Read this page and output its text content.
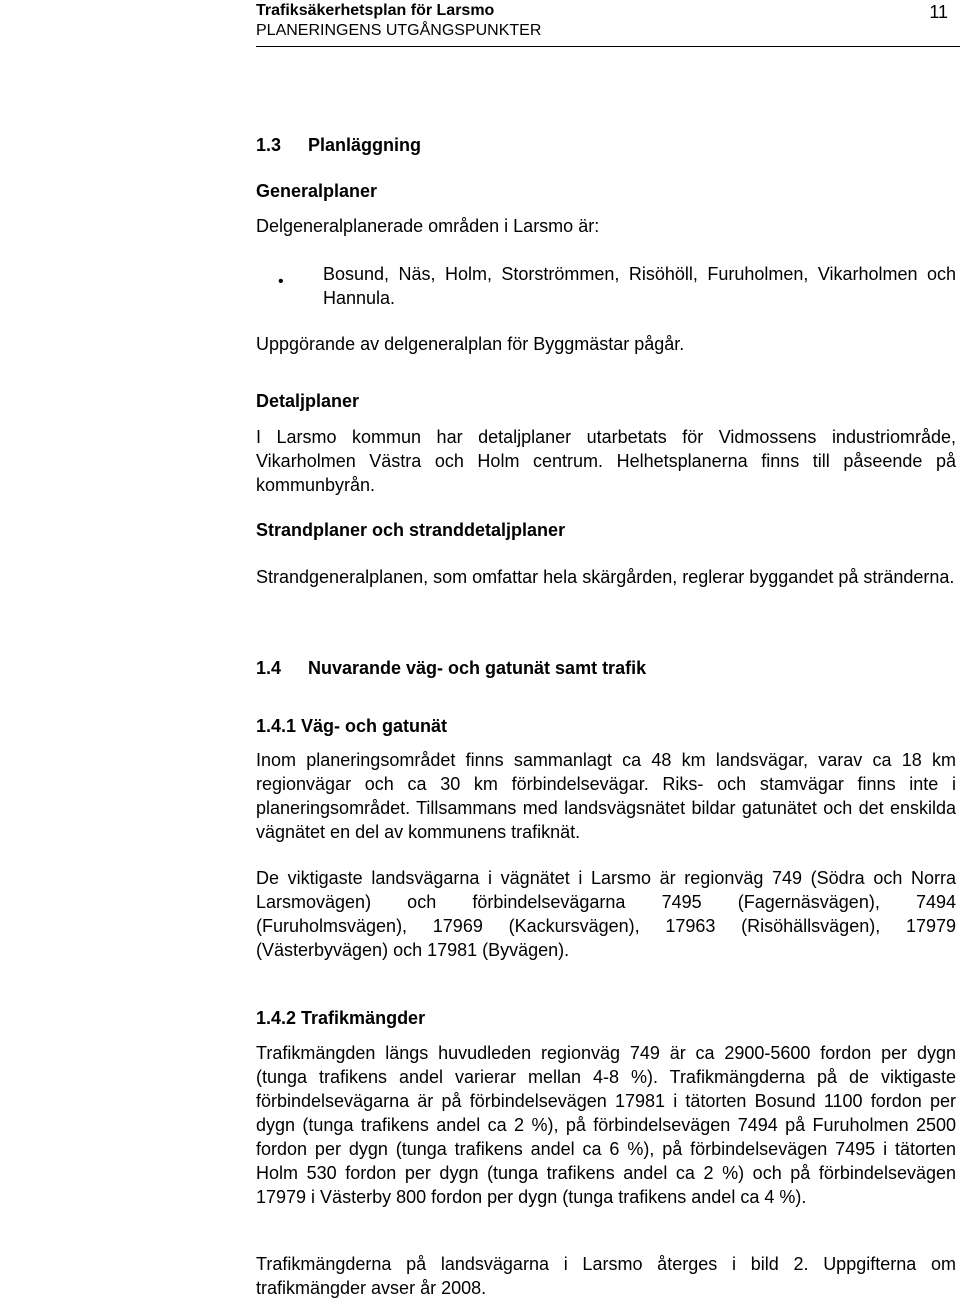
Trafiksäkerhetsplan för Larsmo
PLANERINGENS UTGÅNGSPUNKTER
11
1.3 Planläggning
Generalplaner
Delgeneralplanerade områden i Larsmo är:
• Bosund, Näs, Holm, Storströmmen, Risöhöll, Furuholmen, Vikarholmen och Hannula.
Uppgörande av delgeneralplan för Byggmästar pågår.
Detaljplaner
I Larsmo kommun har detaljplaner utarbetats för Vidmossens industriområde, Vikarholmen Västra och Holm centrum. Helhetsplanerna finns till påseende på kommunbyrån.
Strandplaner och stranddetaljplaner
Strandgeneralplanen, som omfattar hela skärgården, reglerar byggandet på stränderna.
1.4 Nuvarande väg- och gatunät samt trafik
1.4.1 Väg- och gatunät
Inom planeringsområdet finns sammanlagt ca 48 km landsvägar, varav ca 18 km regionvägar och ca 30 km förbindelsevägar. Riks- och stamvägar finns inte i planeringsområdet. Tillsammans med landsvägsnätet bildar gatunätet och det enskilda vägnätet en del av kommunens trafiknät.
De viktigaste landsvägarna i vägnätet i Larsmo är regionväg 749 (Södra och Norra Larsmovägen) och förbindelsevägarna 7495 (Fagernäsvägen), 7494 (Furuholmsvägen), 17969 (Kackursvägen), 17963 (Risöhällsvägen), 17979 (Västerbyvägen) och 17981 (Byvägen).
1.4.2 Trafikmängder
Trafikmängden längs huvudleden regionväg 749 är ca 2900-5600 fordon per dygn (tunga trafikens andel varierar mellan 4-8 %). Trafikmängderna på de viktigaste förbindelsevägarna är på förbindelsevägen 17981 i tätorten Bosund 1100 fordon per dygn (tunga trafikens andel ca 2 %), på förbindelsevägen 7494 på Furuholmen 2500 fordon per dygn (tunga trafikens andel ca 6 %), på förbindelsevägen 7495 i tätorten Holm 530 fordon per dygn (tunga trafikens andel ca 2 %) och på förbindelsevägen 17979 i Västerby 800 fordon per dygn (tunga trafikens andel ca 4 %).
Trafikmängderna på landsvägarna i Larsmo återges i bild 2. Uppgifterna om trafikmängder avser år 2008.
